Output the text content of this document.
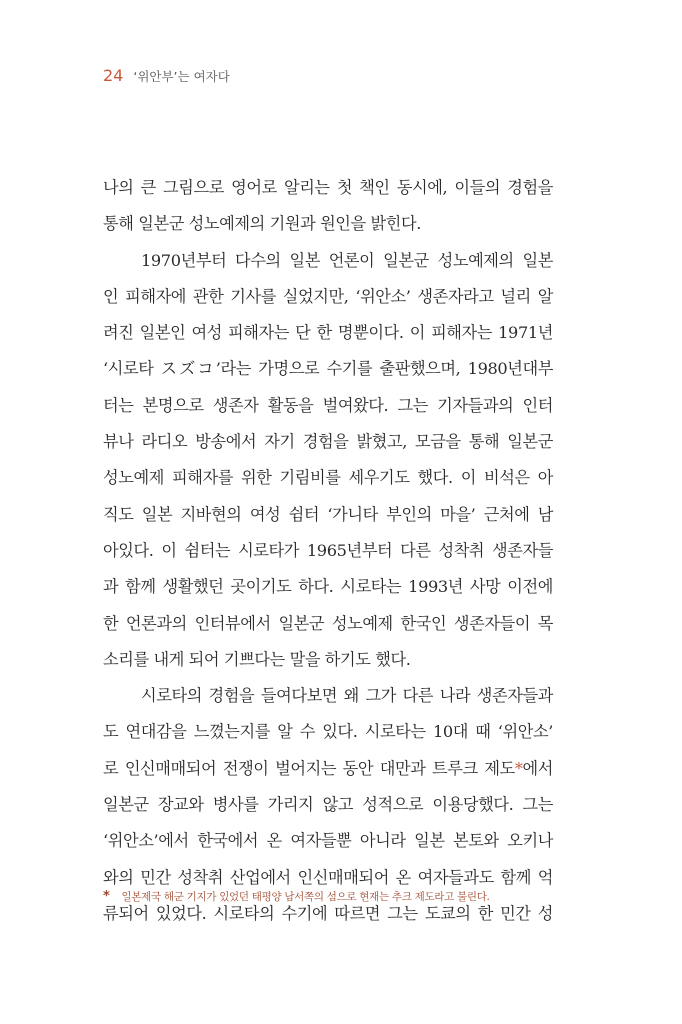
24 ‘위안부’는 여자다
나의 큰 그림으로 영어로 알리는 첫 책인 동시에, 이들의 경험을
통해 일본군 성노예제의 기원과 원인을 밝힌다.
1970년부터 다수의 일본 언론이 일본군 성노예제의 일본
인 피해자에 관한 기사를 실었지만, ‘위안소’ 생존자라고 널리 알
려진 일본인 여성 피해자는 단 한 명뿐이다. 이 피해자는 1971년
‘시로타 スズコ’라는 가명으로 수기를 출판했으며, 1980년대부
터는 본명으로 생존자 활동을 벌여왔다. 그는 기자들과의 인터
뷰나 라디오 방송에서 자기 경험을 밝혔고, 모금을 통해 일본군
성노예제 피해자를 위한 기림비를 세우기도 했다. 이 비석은 아
직도 일본 지바현의 여성 쉼터 ‘가니타 부인의 마을’ 근처에 남
아있다. 이 쉼터는 시로타가 1965년부터 다른 성착취 생존자들
과 함께 생활했던 곳이기도 하다. 시로타는 1993년 사망 이전에
한 언론과의 인터뷰에서 일본군 성노예제 한국인 생존자들이 목
소리를 내게 되어 기쁘다는 말을 하기도 했다.
시로타의 경험을 들여다보면 왜 그가 다른 나라 생존자들과
도 연대감을 느꼈는지를 알 수 있다. 시로타는 10대 때 ‘위안소’
로 인신매매되어 전쟁이 벌어지는 동안 대만과 트루크 제도*에서
일본군 장교와 병사를 가리지 않고 성적으로 이용당했다. 그는
‘위안소’에서 한국에서 온 여자들뿐 아니라 일본 본토와 오키나
와의 민간 성착취 산업에서 인신매매되어 온 여자들과도 함께 억
류되어 있었다. 시로타의 수기에 따르면 그는 도쿄의 한 민간 성
* 일본제국 해군 기지가 있었던 태평양 남서쪽의 섬으로 현재는 추크 제도라고 불린다.
